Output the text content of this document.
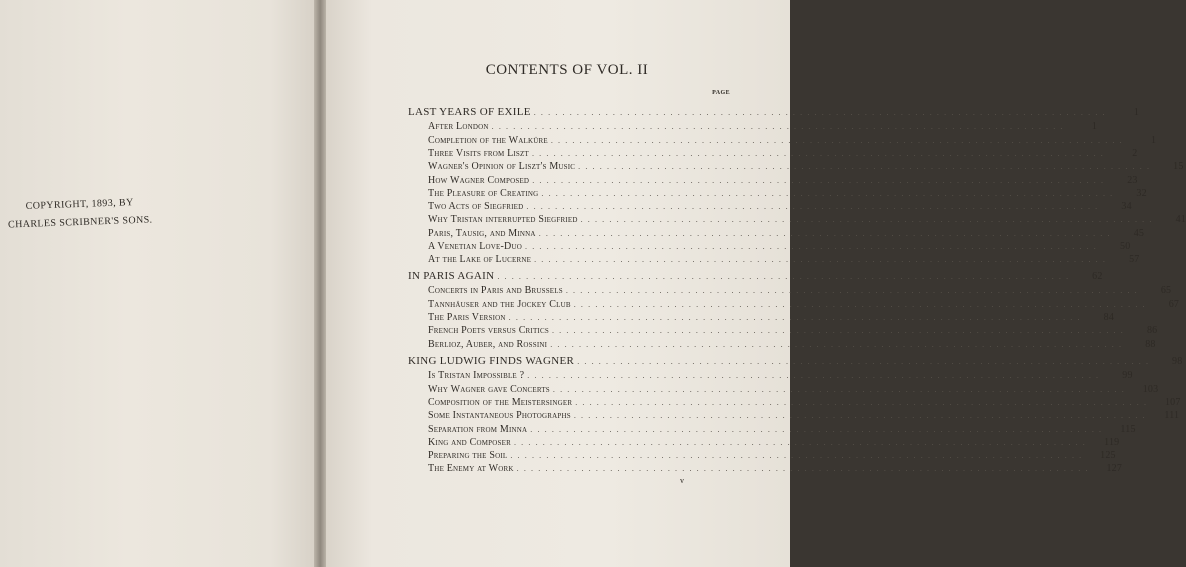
COPYRIGHT, 1893, BY
CHARLES SCRIBNER'S SONS.
CONTENTS OF VOL. II
PAGE
LAST YEARS OF EXILE . . . . . . . . . . . . . . . . . . . . . . . . . . . . . . . . . . . . . . . . . . . . . . . . . . . . . . . . . . . . . . . . . . . . . . . . . . . . . . . .	1
After London . . . . . . . . . . . . . . . . . . . . . . . . . . . . . . . . . . . . . . . . . . . . . . . . . . . . . . . . . . . . . . . . . . . . . . . . . . . . . . . .	1
Completion of the Walküre . . . . . . . . . . . . . . . . . . . . . . . . . . . . . . . . . . . . . . . . . . . . . . . . . . . . . . . . . . . . . . . . . . . . . . . . . . . . . . . .	1
Three Visits from Liszt . . . . . . . . . . . . . . . . . . . . . . . . . . . . . . . . . . . . . . . . . . . . . . . . . . . . . . . . . . . . . . . . . . . . . . . . . . . . . . . .	2
Wagner's Opinion of Liszt's Music . . . . . . . . . . . . . . . . . . . . . . . . . . . . . . . . . . . . . . . . . . . . . . . . . . . . . . . . . . . . . . . . . . . . . . . . . . . . . . . .	15
How Wagner Composed . . . . . . . . . . . . . . . . . . . . . . . . . . . . . . . . . . . . . . . . . . . . . . . . . . . . . . . . . . . . . . . . . . . . . . . . . . . . . . . .	23
The Pleasure of Creating . . . . . . . . . . . . . . . . . . . . . . . . . . . . . . . . . . . . . . . . . . . . . . . . . . . . . . . . . . . . . . . . . . . . . . . . . . . . . . . .	32
Two Acts of Siegfried . . . . . . . . . . . . . . . . . . . . . . . . . . . . . . . . . . . . . . . . . . . . . . . . . . . . . . . . . . . . . . . . . . . . . . . . . . . . . . . .	34
Why Tristan interrupted Siegfried . . . . . . . . . . . . . . . . . . . . . . . . . . . . . . . . . . . . . . . . . . . . . . . . . . . . . . . . . . . . . . . . . . . . . . . . . . . . . . . .	41
Paris, Tausig, and Minna . . . . . . . . . . . . . . . . . . . . . . . . . . . . . . . . . . . . . . . . . . . . . . . . . . . . . . . . . . . . . . . . . . . . . . . . . . . . . . . .	45
A Venetian Love-Duo . . . . . . . . . . . . . . . . . . . . . . . . . . . . . . . . . . . . . . . . . . . . . . . . . . . . . . . . . . . . . . . . . . . . . . . . . . . . . . . .	50
At the Lake of Lucerne . . . . . . . . . . . . . . . . . . . . . . . . . . . . . . . . . . . . . . . . . . . . . . . . . . . . . . . . . . . . . . . . . . . . . . . . . . . . . . . .	57
IN PARIS AGAIN . . . . . . . . . . . . . . . . . . . . . . . . . . . . . . . . . . . . . . . . . . . . . . . . . . . . . . . . . . . . . . . . . . . . . . . . . . . . . . . .	62
Concerts in Paris and Brussels . . . . . . . . . . . . . . . . . . . . . . . . . . . . . . . . . . . . . . . . . . . . . . . . . . . . . . . . . . . . . . . . . . . . . . . . . . . . . . . .	65
Tannhäuser and the Jockey Club . . . . . . . . . . . . . . . . . . . . . . . . . . . . . . . . . . . . . . . . . . . . . . . . . . . . . . . . . . . . . . . . . . . . . . . . . . . . . . . .	67
The Paris Version . . . . . . . . . . . . . . . . . . . . . . . . . . . . . . . . . . . . . . . . . . . . . . . . . . . . . . . . . . . . . . . . . . . . . . . . . . . . . . . .	84
French Poets versus Critics . . . . . . . . . . . . . . . . . . . . . . . . . . . . . . . . . . . . . . . . . . . . . . . . . . . . . . . . . . . . . . . . . . . . . . . . . . . . . . . .	86
Berlioz, Auber, and Rossini . . . . . . . . . . . . . . . . . . . . . . . . . . . . . . . . . . . . . . . . . . . . . . . . . . . . . . . . . . . . . . . . . . . . . . . . . . . . . . . .	88
KING LUDWIG FINDS WAGNER . . . . . . . . . . . . . . . . . . . . . . . . . . . . . . . . . . . . . . . . . . . . . . . . . . . . . . . . . . . . . . . . . . . . . . . . . . . . . . . .	98
Is Tristan Impossible ? . . . . . . . . . . . . . . . . . . . . . . . . . . . . . . . . . . . . . . . . . . . . . . . . . . . . . . . . . . . . . . . . . . . . . . . . . . . . . . . .	99
Why Wagner gave Concerts . . . . . . . . . . . . . . . . . . . . . . . . . . . . . . . . . . . . . . . . . . . . . . . . . . . . . . . . . . . . . . . . . . . . . . . . . . . . . . . .	103
Composition of the Meistersinger . . . . . . . . . . . . . . . . . . . . . . . . . . . . . . . . . . . . . . . . . . . . . . . . . . . . . . . . . . . . . . . . . . . . . . . . . . . . . . . .	107
Some Instantaneous Photographs . . . . . . . . . . . . . . . . . . . . . . . . . . . . . . . . . . . . . . . . . . . . . . . . . . . . . . . . . . . . . . . . . . . . . . . . . . . . . . . .	111
Separation from Minna . . . . . . . . . . . . . . . . . . . . . . . . . . . . . . . . . . . . . . . . . . . . . . . . . . . . . . . . . . . . . . . . . . . . . . . . . . . . . . . .	115
King and Composer . . . . . . . . . . . . . . . . . . . . . . . . . . . . . . . . . . . . . . . . . . . . . . . . . . . . . . . . . . . . . . . . . . . . . . . . . . . . . . . .	119
Preparing the Soil . . . . . . . . . . . . . . . . . . . . . . . . . . . . . . . . . . . . . . . . . . . . . . . . . . . . . . . . . . . . . . . . . . . . . . . . . . . . . . . .	125
The Enemy at Work . . . . . . . . . . . . . . . . . . . . . . . . . . . . . . . . . . . . . . . . . . . . . . . . . . . . . . . . . . . . . . . . . . . . . . . . . . . . . . . .	127
v
